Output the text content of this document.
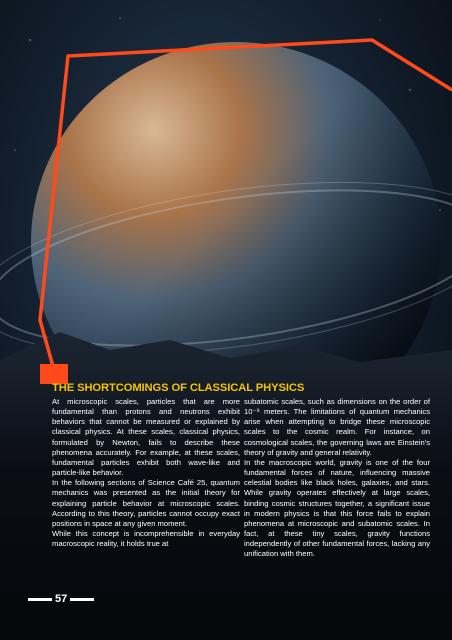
THE SHORTCOMINGS OF CLASSICAL PHYSICS

At microscopic scales, particles that are more fundamental than protons and neutrons exhibit behaviors that cannot be measured or explained by classical physics. At these scales, classical physics, formulated by Newton, fails to describe these phenomena accurately. For example, at these scales, fundamental particles exhibit both wave-like and particle-like behavior.

In the following sections of Science Café 25, quantum mechanics was presented as the initial theory for explaining particle behavior at microscopic scales. According to this theory, particles cannot occupy exact positions in space at any given moment.

While this concept is incomprehensible in everyday macroscopic reality, it holds true at

subatomic scales, such as dimensions on the order of 10⁻⁹ meters. The limitations of quantum mechanics arise when attempting to bridge these microscopic scales to the cosmic realm. For instance, on cosmological scales, the governing laws are Einstein's theory of gravity and general relativity.

In the macroscopic world, gravity is one of the four fundamental forces of nature, influencing massive celestial bodies like black holes, galaxies, and stars. While gravity operates effectively at large scales, binding cosmic structures together, a significant issue in modern physics is that this force fails to explain phenomena at microscopic and subatomic scales. In fact, at these tiny scales, gravity functions independently of other fundamental forces, lacking any unification with them.

57
